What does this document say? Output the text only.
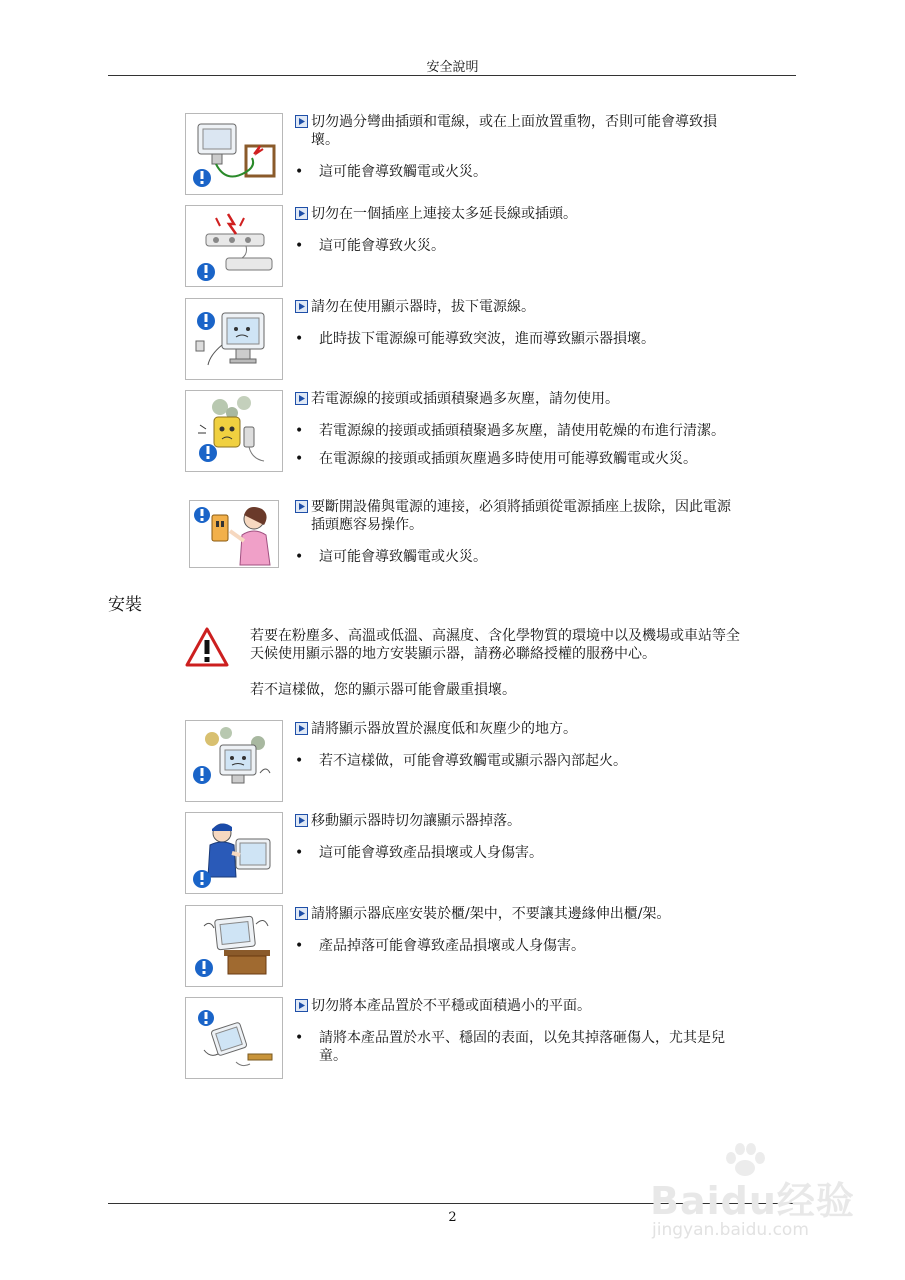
安全說明
切勿過分彎曲插頭和電線，或在上面放置重物，否則可能會導致損壞。
• 這可能會導致觸電或火災。
切勿在一個插座上連接太多延長線或插頭。
• 這可能會導致火災。
請勿在使用顯示器時，拔下電源線。
• 此時拔下電源線可能導致突波，進而導致顯示器損壞。
若電源線的接頭或插頭積聚過多灰塵，請勿使用。
• 若電源線的接頭或插頭積聚過多灰塵，請使用乾燥的布進行清潔。
• 在電源線的接頭或插頭灰塵過多時使用可能導致觸電或火災。
要斷開設備與電源的連接，必須將插頭從電源插座上拔除，因此電源插頭應容易操作。
• 這可能會導致觸電或火災。
安裝
若要在粉塵多、高溫或低溫、高濕度、含化學物質的環境中以及機場或車站等全天候使用顯示器的地方安裝顯示器，請務必聯絡授權的服務中心。
若不這樣做，您的顯示器可能會嚴重損壞。
請將顯示器放置於濕度低和灰塵少的地方。
• 若不這樣做，可能會導致觸電或顯示器內部起火。
移動顯示器時切勿讓顯示器掉落。
• 這可能會導致產品損壞或人身傷害。
請將顯示器底座安裝於櫃/架中，不要讓其邊緣伸出櫃/架。
• 產品掉落可能會導致產品損壞或人身傷害。
切勿將本產品置於不平穩或面積過小的平面。
• 請將本產品置於水平、穩固的表面，以免其掉落砸傷人，尤其是兒童。
2	Baidu经验
jingyan.baidu.com
